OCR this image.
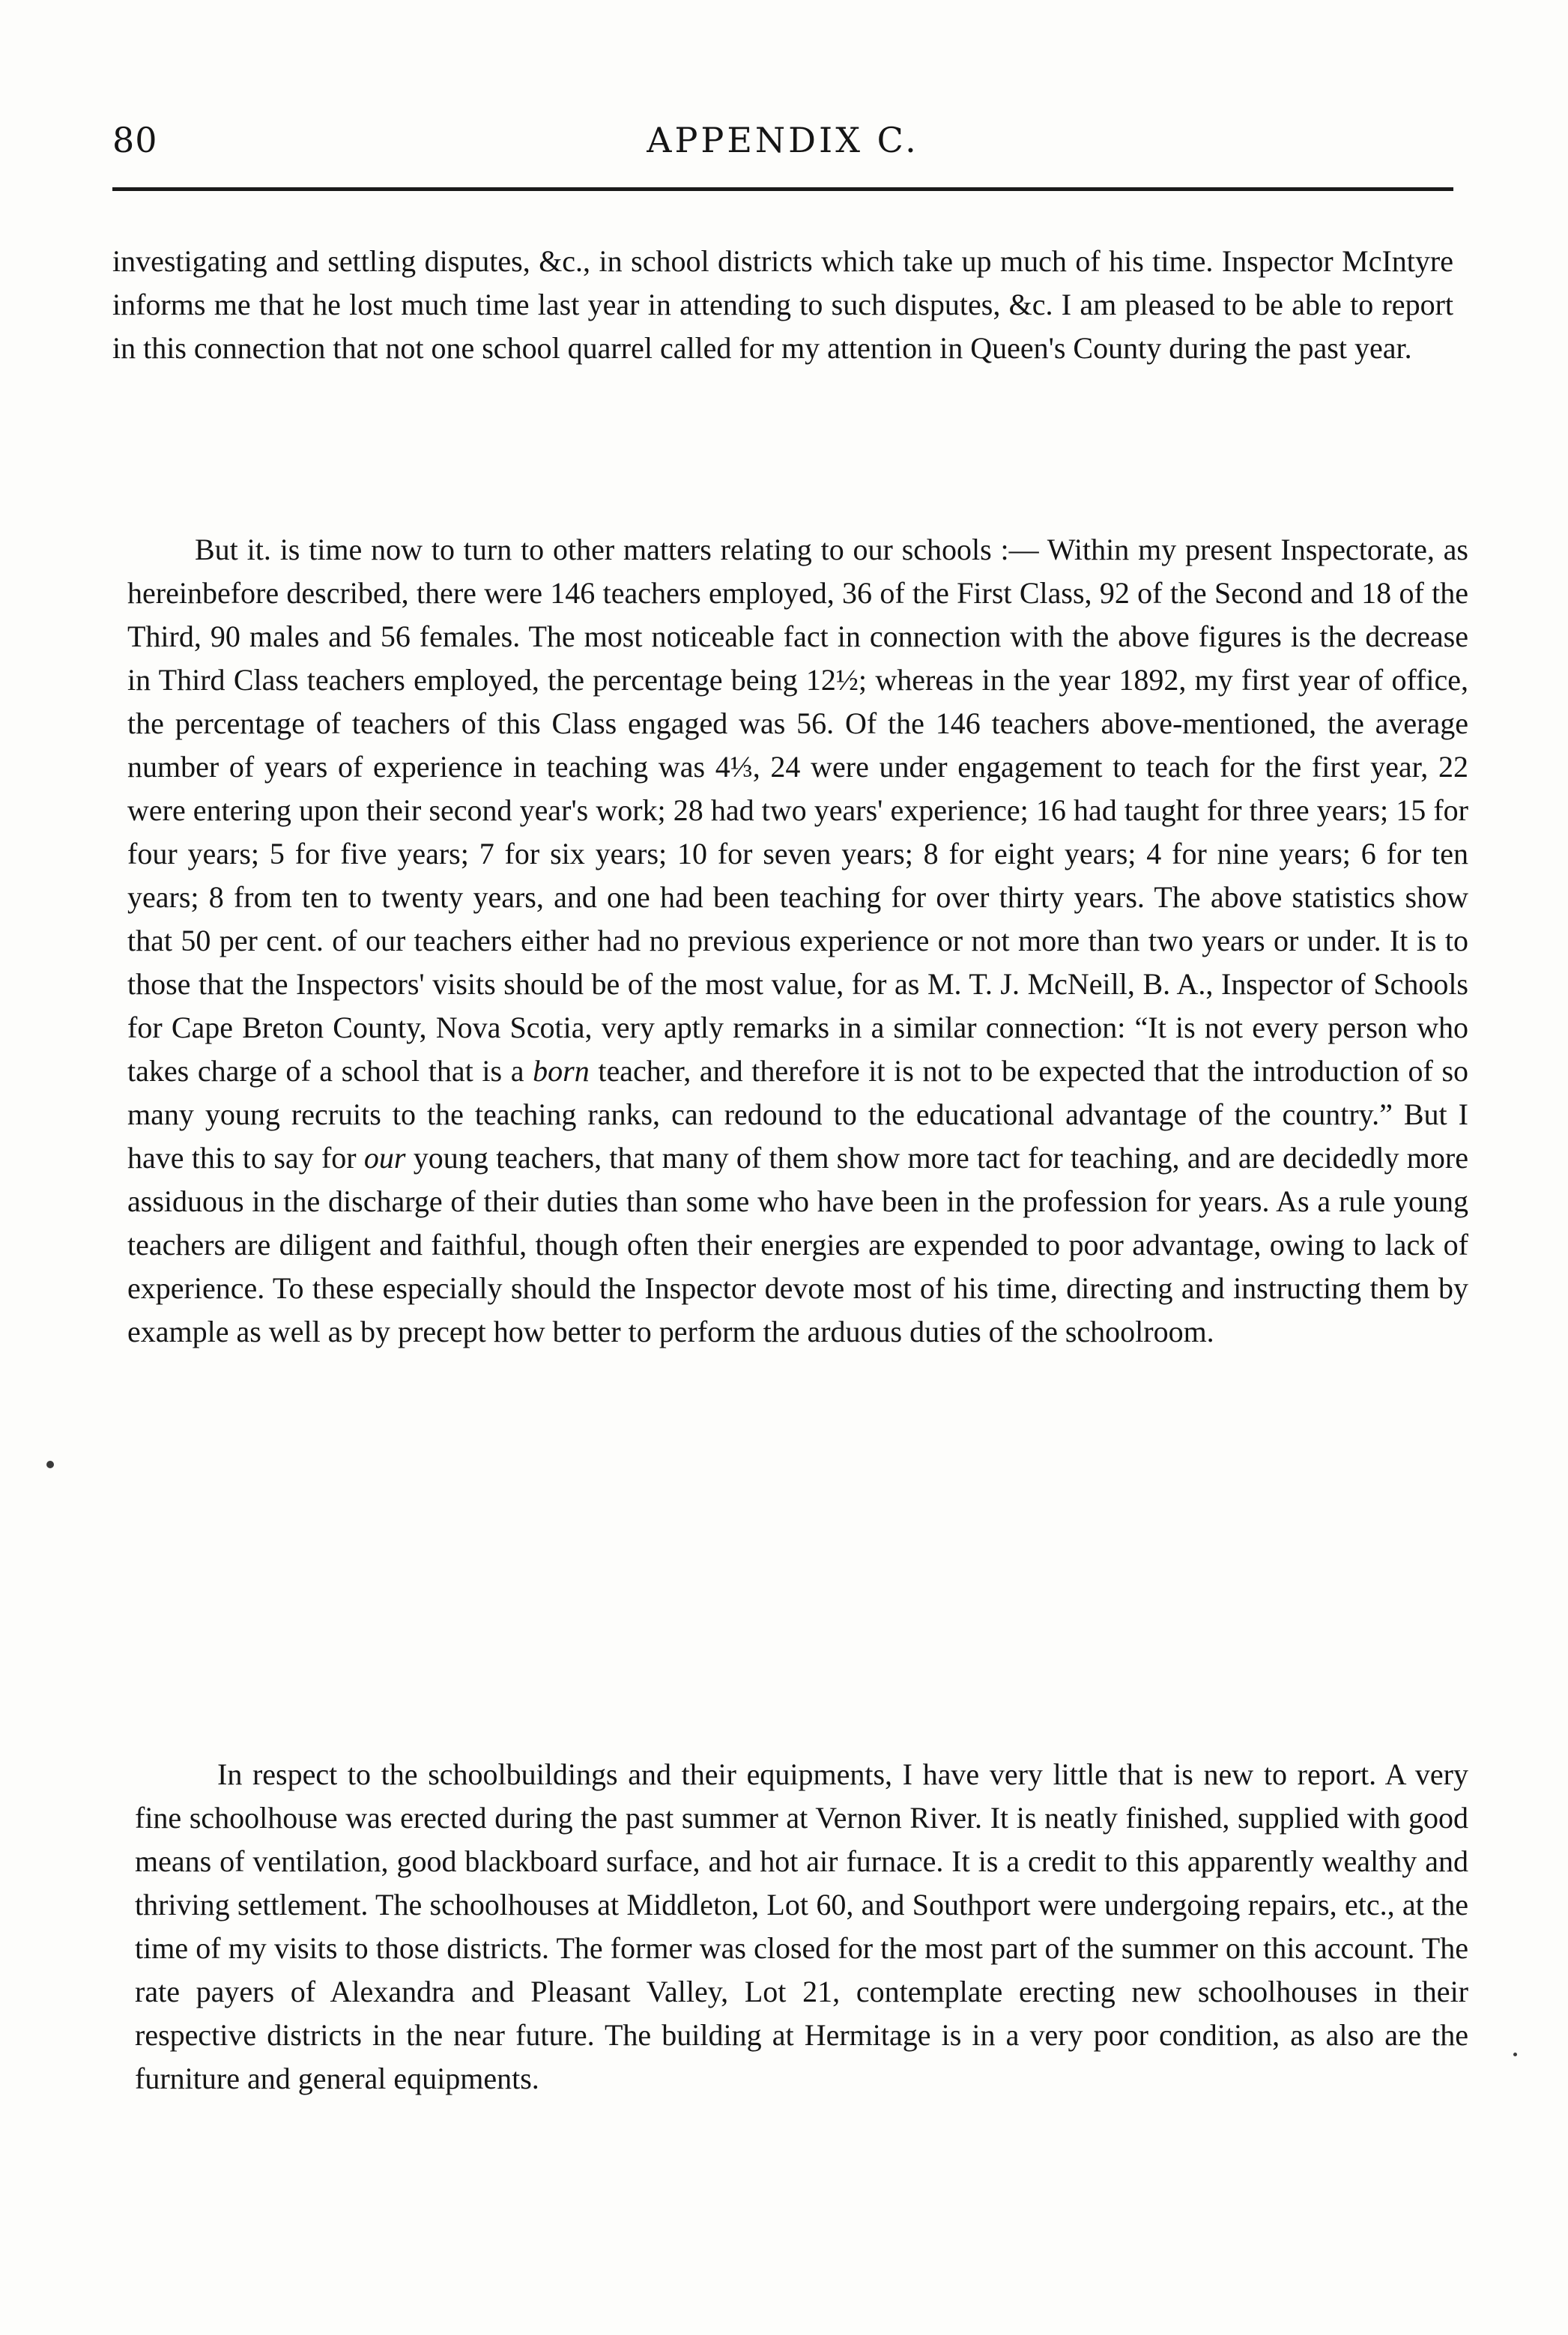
80	APPENDIX C.

investigating and settling disputes, &c., in school districts which take up much of his time. Inspector McIntyre informs me that he lost much time last year in attending to such disputes, &c. I am pleased to be able to report in this connection that not one school quarrel called for my attention in Queen's County during the past year.

But it. is time now to turn to other matters relating to our schools :— Within my present Inspectorate, as hereinbefore described, there were 146 teachers employed, 36 of the First Class, 92 of the Second and 18 of the Third, 90 males and 56 females. The most noticeable fact in connection with the above figures is the decrease in Third Class teachers employed, the percentage being 12½; whereas in the year 1892, my first year of office, the percentage of teachers of this Class engaged was 56. Of the 146 teachers above-mentioned, the average number of years of experience in teaching was 4⅓, 24 were under engagement to teach for the first year, 22 were entering upon their second year's work; 28 had two years' experience; 16 had taught for three years; 15 for four years; 5 for five years; 7 for six years; 10 for seven years; 8 for eight years; 4 for nine years; 6 for ten years; 8 from ten to twenty years, and one had been teaching for over thirty years. The above statistics show that 50 per cent. of our teachers either had no previous experience or not more than two years or under. It is to those that the Inspectors' visits should be of the most value, for as M. T. J. McNeill, B. A., Inspector of Schools for Cape Breton County, Nova Scotia, very aptly remarks in a similar connection: “It is not every person who takes charge of a school that is a born teacher, and therefore it is not to be expected that the introduction of so many young recruits to the teaching ranks, can redound to the educational advantage of the country.” But I have this to say for our young teachers, that many of them show more tact for teaching, and are decidedly more assiduous in the discharge of their duties than some who have been in the profession for years. As a rule young teachers are diligent and faithful, though often their energies are expended to poor advantage, owing to lack of experience. To these especially should the Inspector devote most of his time, directing and instructing them by example as well as by precept how better to perform the arduous duties of the schoolroom.

In respect to the schoolbuildings and their equipments, I have very little that is new to report. A very fine schoolhouse was erected during the past summer at Vernon River. It is neatly finished, supplied with good means of ventilation, good blackboard surface, and hot air furnace. It is a credit to this apparently wealthy and thriving settlement. The schoolhouses at Middleton, Lot 60, and Southport were undergoing repairs, etc., at the time of my visits to those districts. The former was closed for the most part of the summer on this account. The rate payers of Alexandra and Pleasant Valley, Lot 21, contemplate erecting new schoolhouses in their respective districts in the near future. The building at Hermitage is in a very poor condition, as also are the furniture and general equipments.
